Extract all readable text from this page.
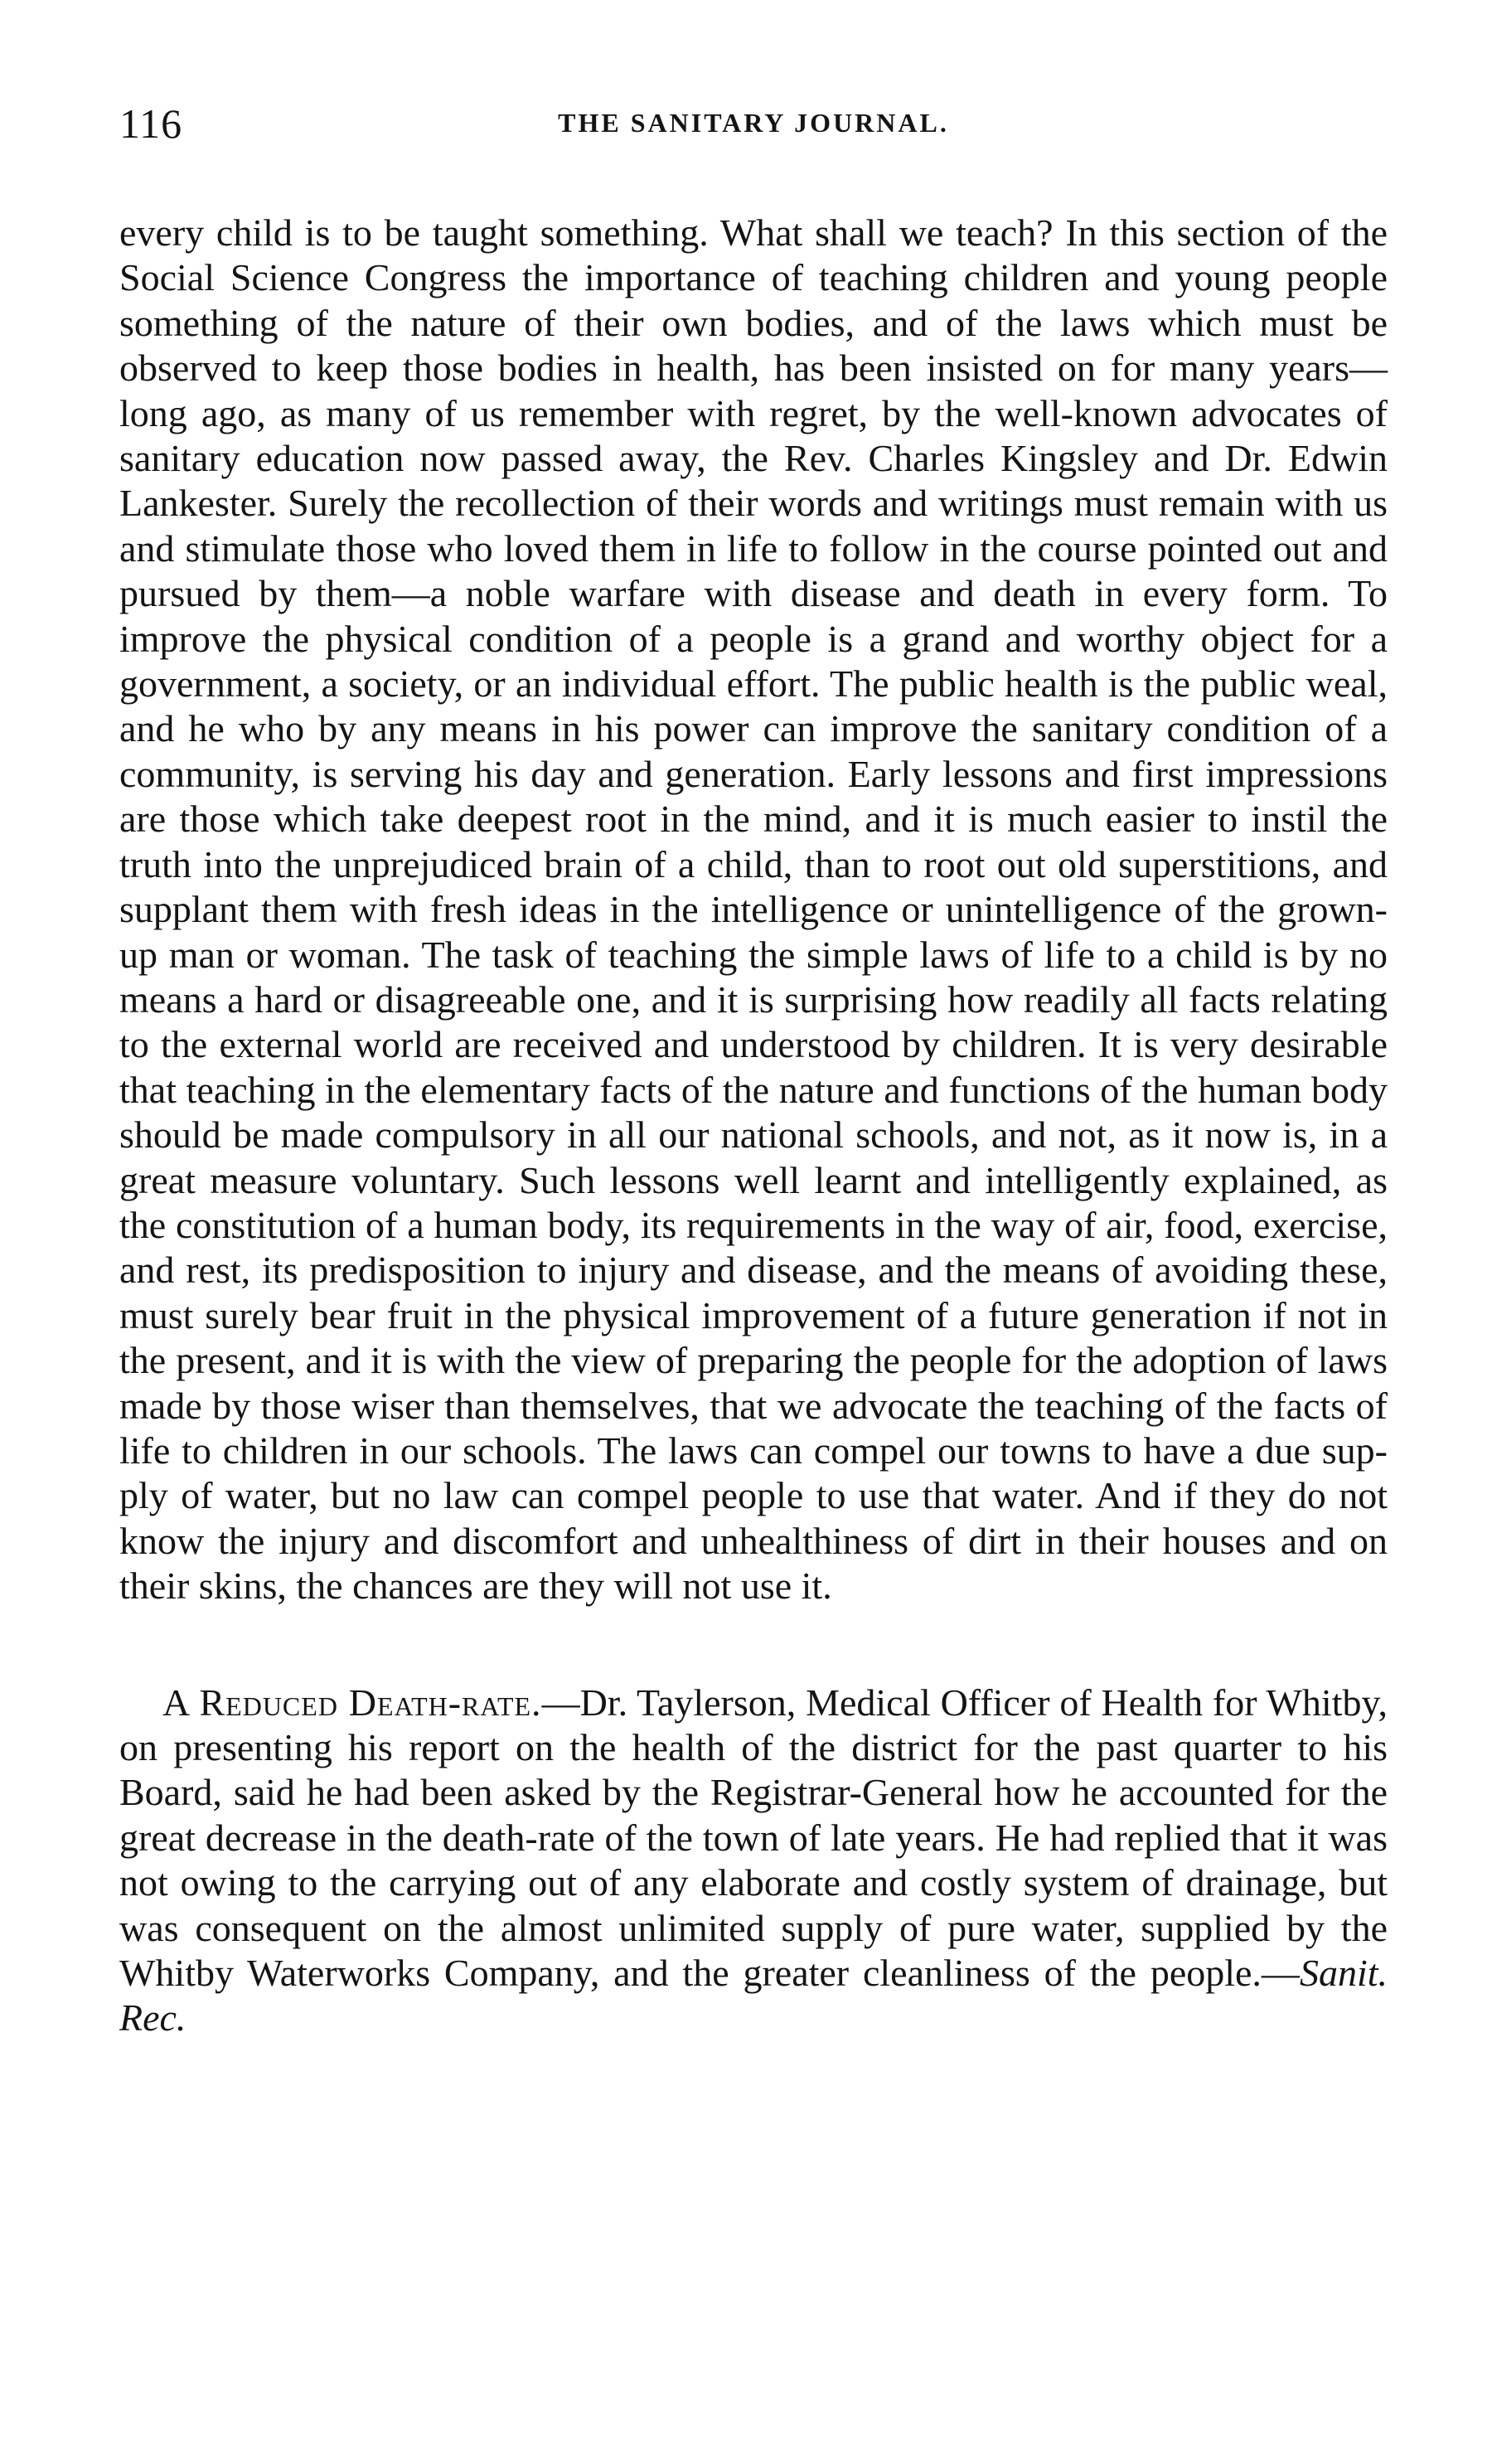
116	THE SANITARY JOURNAL.

every child is to be taught something. What shall we teach? In this section of the Social Science Congress the importance of teaching children and young people something of the nature of their own bodies, and of the laws which must be observed to keep those bodies in health, has been insisted on for many years—long ago, as many of us remember with regret, by the well-known advocates of sanitary education now passed away, the Rev. Charles Kingsley and Dr. Edwin Lankester. Surely the recollection of their words and writings must remain with us and stimulate those who loved them in life to follow in the course pointed out and pursued by them—a noble warfare with disease and death in every form. To improve the physical condition of a people is a grand and worthy object for a government, a society, or an individual effort. The public health is the public weal, and he who by any means in his power can improve the sanitary condition of a community, is serving his day and generation. Early lessons and first impressions are those which take deepest root in the mind, and it is much easier to instil the truth into the unprejudiced brain of a child, than to root out old superstitions, and supplant them with fresh ideas in the intelligence or unintelligence of the grown-up man or woman. The task of teaching the simple laws of life to a child is by no means a hard or disagreeable one, and it is surprising how readily all facts relating to the external world are received and understood by children. It is very desirable that teaching in the elementary facts of the nature and functions of the human body should be made compulsory in all our national schools, and not, as it now is, in a great measure voluntary. Such lessons well learnt and intelligently explained, as the constitution of a human body, its requirements in the way of air, food, exercise, and rest, its predisposition to injury and disease, and the means of avoiding these, must surely bear fruit in the physical improvement of a future generation if not in the present, and it is with the view of preparing the people for the adoption of laws made by those wiser than themselves, that we advocate the teaching of the facts of life to children in our schools. The laws can compel our towns to have a due supply of water, but no law can compel people to use that water. And if they do not know the injury and discomfort and unhealthiness of dirt in their houses and on their skins, the chances are they will not use it.

A Reduced Death-rate.—Dr. Taylerson, Medical Officer of Health for Whitby, on presenting his report on the health of the district for the past quarter to his Board, said he had been asked by the Registrar-General how he accounted for the great decrease in the death-rate of the town of late years. He had replied that it was not owing to the carrying out of any elaborate and costly system of drainage, but was consequent on the almost unlimited supply of pure water, supplied by the Whitby Waterworks Company, and the greater cleanliness of the people.—Sanit. Rec.
